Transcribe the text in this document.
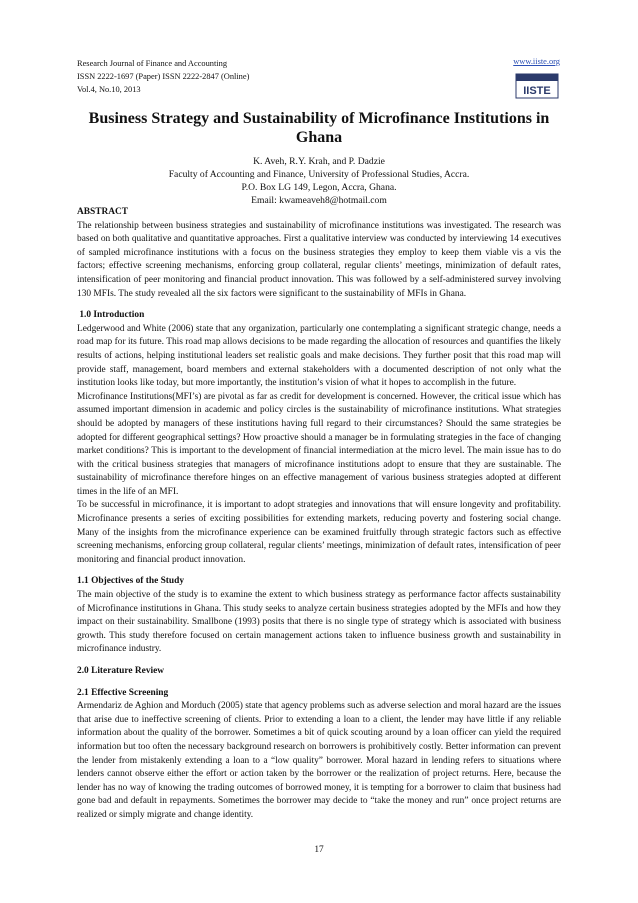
Research Journal of Finance and Accounting
ISSN 2222-1697 (Paper) ISSN 2222-2847 (Online)
Vol.4, No.10, 2013
www.iiste.org
IISTE
Business Strategy and Sustainability of Microfinance Institutions in Ghana
K. Aveh, R.Y. Krah, and P. Dadzie
Faculty of Accounting and Finance, University of Professional Studies, Accra.
P.O. Box LG 149, Legon, Accra, Ghana.
Email: kwameaveh8@hotmail.com
ABSTRACT

The relationship between business strategies and sustainability of microfinance institutions was investigated. The research was based on both qualitative and quantitative approaches. First a qualitative interview was conducted by interviewing 14 executives of sampled microfinance institutions with a focus on the business strategies they employ to keep them viable vis a vis the factors; effective screening mechanisms, enforcing group collateral, regular clients’ meetings, minimization of default rates, intensification of peer monitoring and financial product innovation. This was followed by a self-administered survey involving 130 MFIs. The study revealed all the six factors were significant to the sustainability of MFIs in Ghana.

1.0 Introduction

Ledgerwood and White (2006) state that any organization, particularly one contemplating a significant strategic change, needs a road map for its future. This road map allows decisions to be made regarding the allocation of resources and quantifies the likely results of actions, helping institutional leaders set realistic goals and make decisions. They further posit that this road map will provide staff, management, board members and external stakeholders with a documented description of not only what the institution looks like today, but more importantly, the institution’s vision of what it hopes to accomplish in the future.

Microfinance Institutions(MFI’s) are pivotal as far as credit for development is concerned. However, the critical issue which has assumed important dimension in academic and policy circles is the sustainability of microfinance institutions. What strategies should be adopted by managers of these institutions having full regard to their circumstances? Should the same strategies be adopted for different geographical settings? How proactive should a manager be in formulating strategies in the face of changing market conditions? This is important to the development of financial intermediation at the micro level. The main issue has to do with the critical business strategies that managers of microfinance institutions adopt to ensure that they are sustainable. The sustainability of microfinance therefore hinges on an effective management of various business strategies adopted at different times in the life of an MFI.

To be successful in microfinance, it is important to adopt strategies and innovations that will ensure longevity and profitability. Microfinance presents a series of exciting possibilities for extending markets, reducing poverty and fostering social change. Many of the insights from the microfinance experience can be examined fruitfully through strategic factors such as effective screening mechanisms, enforcing group collateral, regular clients’ meetings, minimization of default rates, intensification of peer monitoring and financial product innovation.

1.1 Objectives of the Study

The main objective of the study is to examine the extent to which business strategy as performance factor affects sustainability of Microfinance institutions in Ghana. This study seeks to analyze certain business strategies adopted by the MFIs and how they impact on their sustainability. Smallbone (1993) posits that there is no single type of strategy which is associated with business growth. This study therefore focused on certain management actions taken to influence business growth and sustainability in microfinance industry.

2.0 Literature Review
2.1 Effective Screening

Armendariz de Aghion and Morduch (2005) state that agency problems such as adverse selection and moral hazard are the issues that arise due to ineffective screening of clients. Prior to extending a loan to a client, the lender may have little if any reliable information about the quality of the borrower. Sometimes a bit of quick scouting around by a loan officer can yield the required information but too often the necessary background research on borrowers is prohibitively costly. Better information can prevent the lender from mistakenly extending a loan to a “low quality” borrower. Moral hazard in lending refers to situations where lenders cannot observe either the effort or action taken by the borrower or the realization of project returns. Here, because the lender has no way of knowing the trading outcomes of borrowed money, it is tempting for a borrower to claim that business had gone bad and default in repayments. Sometimes the borrower may decide to “take the money and run” once project returns are realized or simply migrate and change identity.

17
